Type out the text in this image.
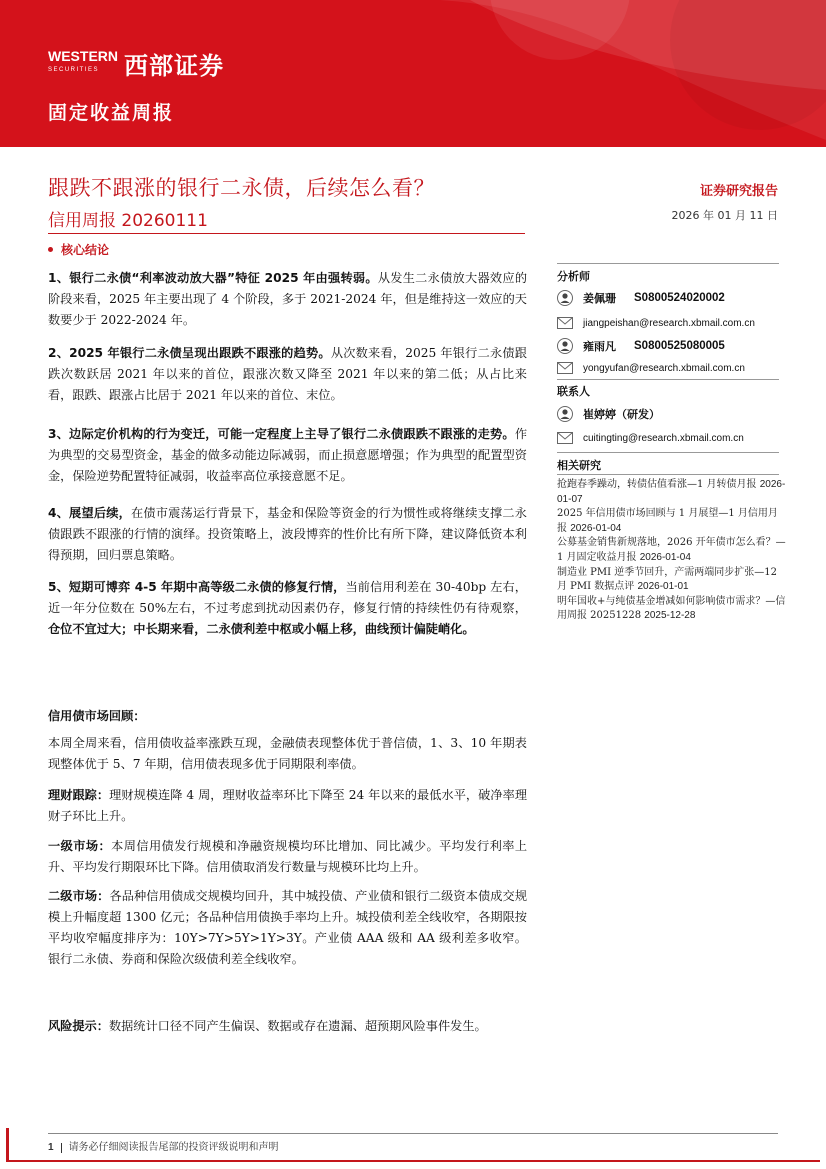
WESTERN
SECURITIES	西部证券
固定收益周报
跟跌不跟涨的银行二永债，后续怎么看？
信用周报 20260111
证券研究报告
2026 年 01 月 11 日
核心结论
1、银行二永债“利率波动放大器”特征 2025 年由强转弱。从发生二永债放大器效应的阶段来看，2025 年主要出现了 4 个阶段，多于 2021-2024 年，但是维持这一效应的天数要少于 2022-2024 年。
2、2025 年银行二永债呈现出跟跌不跟涨的趋势。从次数来看，2025 年银行二永债跟跌次数跃居 2021 年以来的首位，跟涨次数又降至 2021 年以来的第二低；从占比来看，跟跌、跟涨占比居于 2021 年以来的首位、末位。
3、边际定价机构的行为变迁，可能一定程度上主导了银行二永债跟跌不跟涨的走势。作为典型的交易型资金，基金的做多动能边际减弱，而止损意愿增强；作为典型的配置型资金，保险逆势配置特征减弱，收益率高位承接意愿不足。
4、展望后续，在债市震荡运行背景下，基金和保险等资金的行为惯性或将继续支撑二永债跟跌不跟涨的行情的演绎。投资策略上，波段博弈的性价比有所下降，建议降低资本利得预期，回归票息策略。
5、短期可博弈 4-5 年期中高等级二永债的修复行情，当前信用利差在 30-40bp 左右，近一年分位数在 50%左右，不过考虑到扰动因素仍存，修复行情的持续性仍有待观察，仓位不宜过大；中长期来看，二永债利差中枢或小幅上移，曲线预计偏陡峭化。
信用债市场回顾：
本周全周来看，信用债收益率涨跌互现，金融债表现整体优于普信债，1、3、10 年期表现整体优于 5、7 年期，信用债表现多优于同期限利率债。
理财跟踪：理财规模连降 4 周，理财收益率环比下降至 24 年以来的最低水平，破净率理财子环比上升。
一级市场：本周信用债发行规模和净融资规模均环比增加、同比减少。平均发行利率上升、平均发行期限环比下降。信用债取消发行数量与规模环比均上升。
二级市场：各品种信用债成交规模均回升，其中城投债、产业债和银行二级资本债成交规模上升幅度超 1300 亿元；各品种信用债换手率均上升。城投债利差全线收窄，各期限按平均收窄幅度排序为：10Y>7Y>5Y>1Y>3Y。产业债 AAA 级和 AA 级利差多收窄。银行二永债、券商和保险次级债利差全线收窄。
风险提示：数据统计口径不同产生偏误、数据或存在遗漏、超预期风险事件发生。
分析师
姜佩珊 S0800524020002
jiangpeishan@research.xbmail.com.cn
雍雨凡 S0800525080005
yongyufan@research.xbmail.com.cn
联系人
崔婷婷（研发）
cuitingting@research.xbmail.com.cn
相关研究
抢跑春季躁动，转债估值看涨—1 月转债月报 2026-01-07
2025 年信用债市场回顾与 1 月展望—1 月信用月报 2026-01-04
公募基金销售新规落地，2026 开年债市怎么看？—1 月固定收益月报 2026-01-04
制造业 PMI 逆季节回升，产需两端同步扩张—12 月 PMI 数据点评 2026-01-01
明年国收+与纯债基金增减如何影响债市需求？—信用周报 20251228 2025-12-28
1 请务必仔细阅读报告尾部的投资评级说明和声明
